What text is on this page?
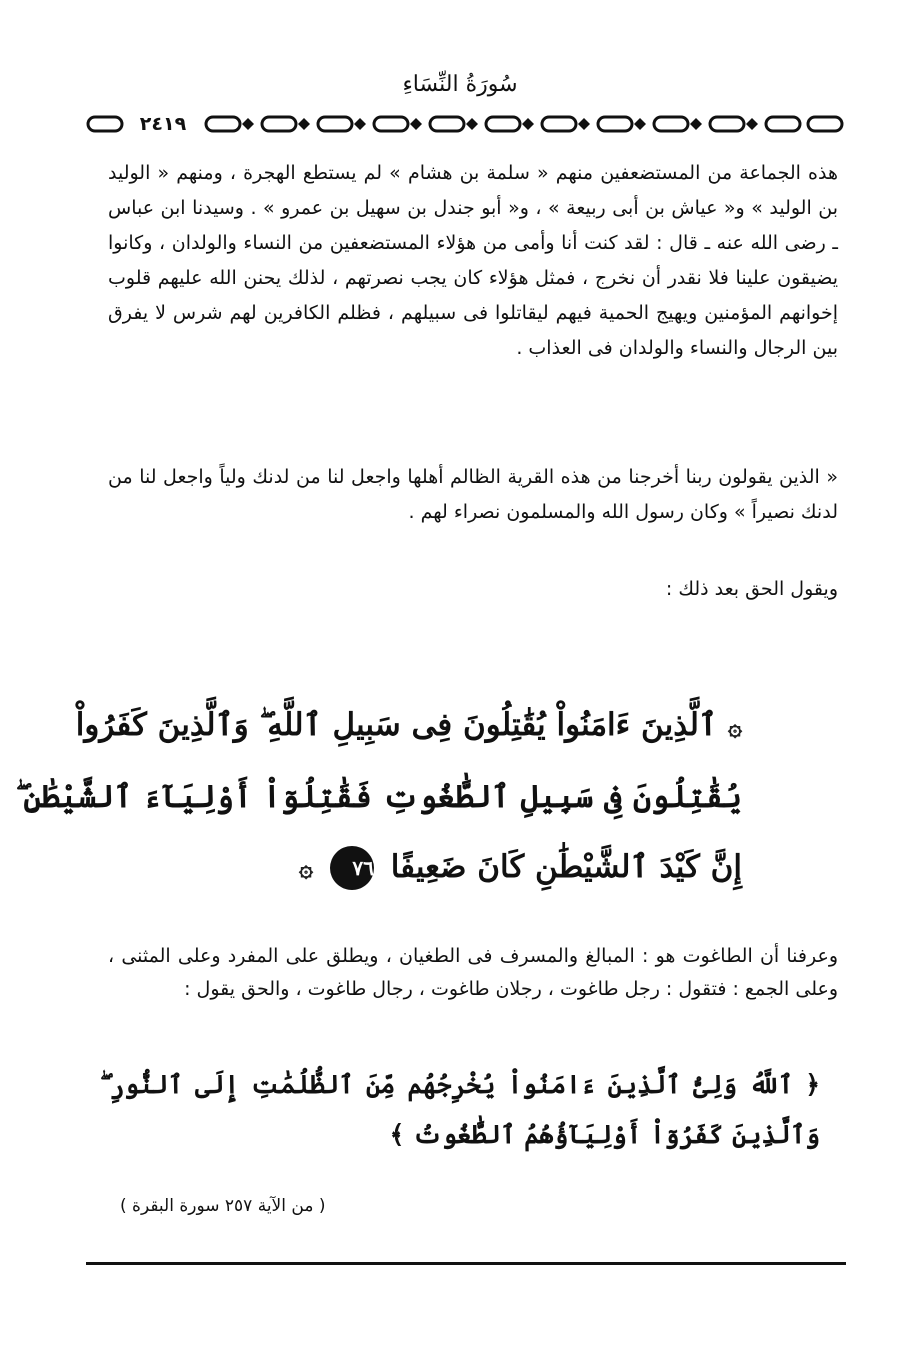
سُورَةُ النِّسَاءِ
٢٤١٩

هذه الجماعة من المستضعفين منهم « سلمة بن هشام » لم يستطع الهجرة ، ومنهم « الوليد بن الوليد » و« عياش بن أبى ربيعة » ، و« أبو جندل بن سهيل بن عمرو » . وسيدنا ابن عباس ـ رضى الله عنه ـ قال : لقد كنت أنا وأمى من هؤلاء المستضعفين من النساء والولدان ، وكانوا يضيقون علينا فلا نقدر أن نخرج ، فمثل هؤلاء كان يجب نصرتهم ، لذلك يحنن الله عليهم قلوب إخوانهم المؤمنين ويهيج الحمية فيهم ليقاتلوا فى سبيلهم ، فظلم الكافرين لهم شرس لا يفرق بين الرجال والنساء والولدان فى العذاب .

« الذين يقولون ربنا أخرجنا من هذه القرية الظالم أهلها واجعل لنا من لدنك ولياً واجعل لنا من لدنك نصيراً » وكان رسول الله والمسلمون نصراء لهم .

ويقول الحق بعد ذلك :

۞ ٱلَّذِينَ ءَامَنُواْ يُقَٰتِلُونَ فِى سَبِيلِ ٱللَّهِ ۖ وَٱلَّذِينَ كَفَرُواْ
يُقَٰتِلُونَ فِى سَبِيلِ ٱلطَّٰغُوتِ فَقَٰتِلُوٓاْ أَوْلِيَآءَ ٱلشَّيْطَٰنِ ۖ
إِنَّ كَيْدَ ٱلشَّيْطَٰنِ كَانَ ضَعِيفًا ٧٦ ۞

وعرفنا أن الطاغوت هو : المبالغ والمسرف فى الطغيان ، ويطلق على المفرد وعلى المثنى ، وعلى الجمع : فتقول : رجل طاغوت ، رجلان طاغوت ، رجال طاغوت ، والحق يقول :

﴿ ٱللَّهُ وَلِىُّ ٱلَّذِينَ ءَامَنُواْ يُخْرِجُهُم مِّنَ ٱلظُّلُمَٰتِ إِلَى ٱلنُّورِ ۖ وَٱلَّذِينَ كَفَرُوٓاْ أَوْلِيَآؤُهُمُ ٱلطَّٰغُوتُ ﴾
( من الآية ٢٥٧ سورة البقرة )
